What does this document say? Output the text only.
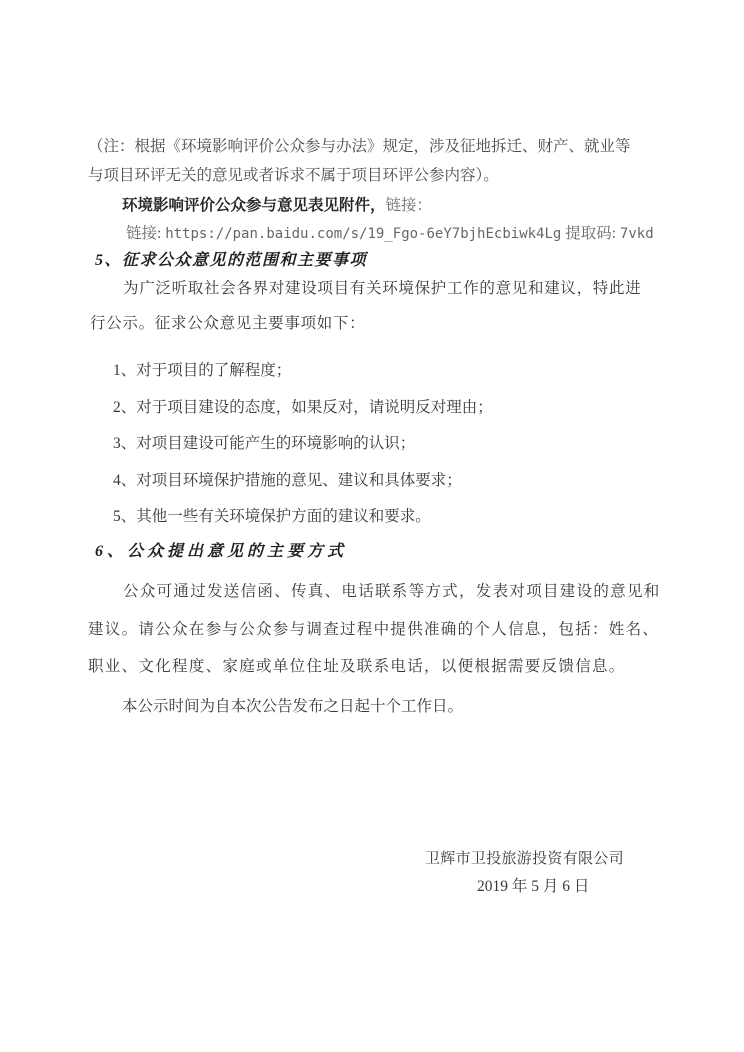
（注：根据《环境影响评价公众参与办法》规定，涉及征地拆迁、财产、就业等
与项目环评无关的意见或者诉求不属于项目环评公参内容）。
环境影响评价公众参与意见表见附件，链接：
链接: https://pan.baidu.com/s/19_Fgo-6eY7bjhEcbiwk4Lg 提取码: 7vkd
5、征求公众意见的范围和主要事项
为广泛听取社会各界对建设项目有关环境保护工作的意见和建议，特此进
行公示。征求公众意见主要事项如下：
1、对于项目的了解程度；
2、对于项目建设的态度，如果反对，请说明反对理由；
3、对项目建设可能产生的环境影响的认识；
4、对项目环境保护措施的意见、建议和具体要求；
5、其他一些有关环境保护方面的建议和要求。
6、公众提出意见的主要方式
公众可通过发送信函、传真、电话联系等方式，发表对项目建设的意见和
建议。请公众在参与公众参与调查过程中提供准确的个人信息，包括：姓名、
职业、文化程度、家庭或单位住址及联系电话，以便根据需要反馈信息。
本公示时间为自本次公告发布之日起十个工作日。
卫辉市卫投旅游投资有限公司
2019 年 5 月 6 日
